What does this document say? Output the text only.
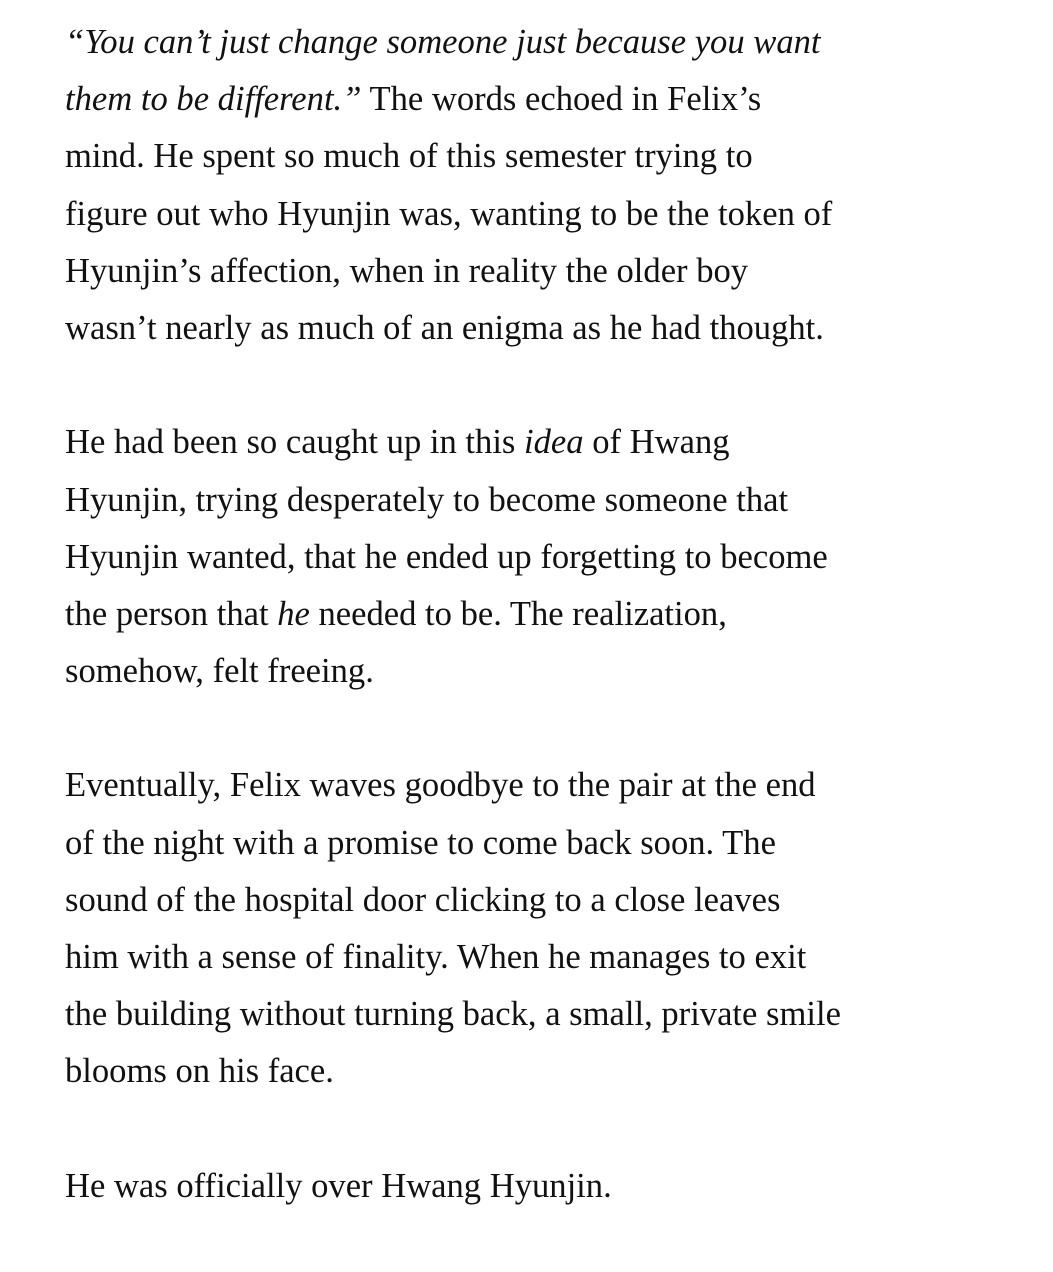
“You can’t just change someone just because you want
them to be different.” The words echoed in Felix’s
mind. He spent so much of this semester trying to
figure out who Hyunjin was, wanting to be the token of
Hyunjin’s affection, when in reality the older boy
wasn’t nearly as much of an enigma as he had thought.
He had been so caught up in this idea of Hwang
Hyunjin, trying desperately to become someone that
Hyunjin wanted, that he ended up forgetting to become
the person that he needed to be. The realization,
somehow, felt freeing.
Eventually, Felix waves goodbye to the pair at the end
of the night with a promise to come back soon. The
sound of the hospital door clicking to a close leaves
him with a sense of finality. When he manages to exit
the building without turning back, a small, private smile
blooms on his face.
He was officially over Hwang Hyunjin.
